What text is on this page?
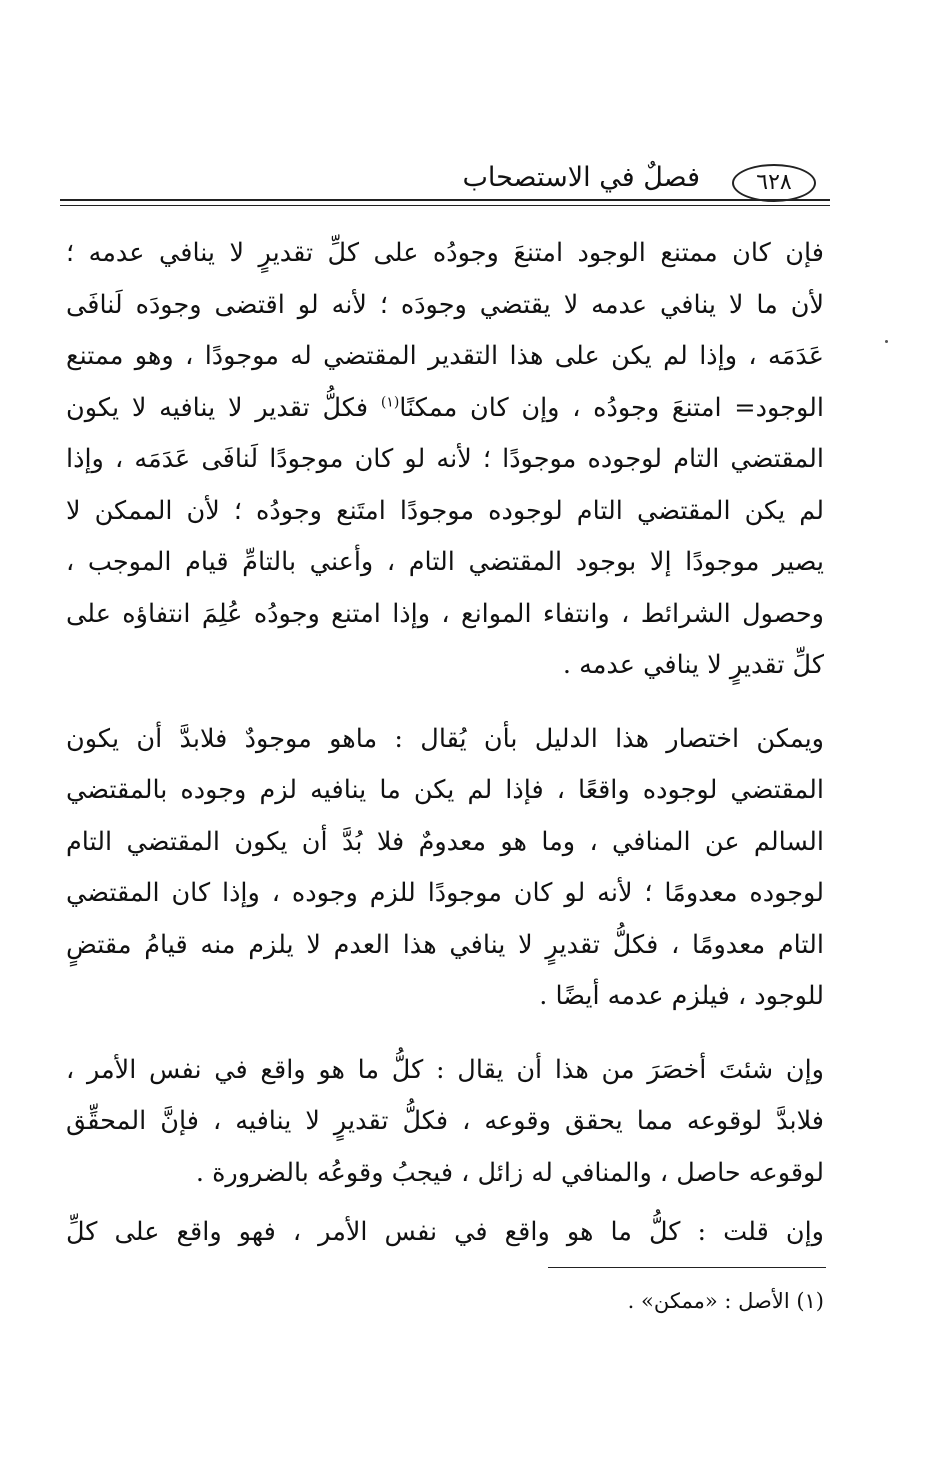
٦٢٨
فصلٌ في الاستصحاب
فإن كان ممتنع الوجود امتنعَ وجودُه على كلِّ تقديرٍ لا ينافي عدمه ؛
لأن ما لا ينافي عدمه لا يقتضي وجودَه ؛ لأنه لو اقتضى وجودَه لَنافَى
عَدَمَه ، وإذا لم يكن على هذا التقدير المقتضي له موجودًا ، وهو ممتنع
الوجود= امتنعَ وجودُه ، وإن كان ممكنًا$^{(١)}$ فكلُّ تقدير لا ينافيه لا يكون
المقتضي التام لوجوده موجودًا ؛ لأنه لو كان موجودًا لَنافَى عَدَمَه ، وإذا
لم يكن المقتضي التام لوجوده موجودًا امتَنع وجودُه ؛ لأن الممكن لا
يصير موجودًا إلا بوجود المقتضي التام ، وأعني بالتامِّ قيام الموجب ،
وحصول الشرائط ، وانتفاء الموانع ، وإذا امتنع وجودُه عُلِمَ انتفاؤه على
كلِّ تقديرٍ لا ينافي عدمه .
ويمكن اختصار هذا الدليل بأن يُقال : ماهو موجودٌ فلابدَّ أن يكون
المقتضي لوجوده واقعًا ، فإذا لم يكن ما ينافيه لزم وجوده بالمقتضي
السالم عن المنافي ، وما هو معدومٌ فلا بُدَّ أن يكون المقتضي التام
لوجوده معدومًا ؛ لأنه لو كان موجودًا للزم وجوده ، وإذا كان المقتضي
التام معدومًا ، فكلُّ تقديرٍ لا ينافي هذا العدم لا يلزم منه قيامُ مقتضٍ
للوجود ، فيلزم عدمه أيضًا .
وإن شئتَ أخصَرَ من هذا أن يقال : كلُّ ما هو واقع في نفس الأمر ،
فلابدَّ لوقوعه مما يحقق وقوعه ، فكلُّ تقديرٍ لا ينافيه ، فإنَّ المحقِّق
لوقوعه حاصل ، والمنافي له زائل ، فيجبُ وقوعُه بالضرورة .
وإن قلت : كلُّ ما هو واقع في نفس الأمر ، فهو واقع على كلِّ
(١) الأصل : «ممكن» .
